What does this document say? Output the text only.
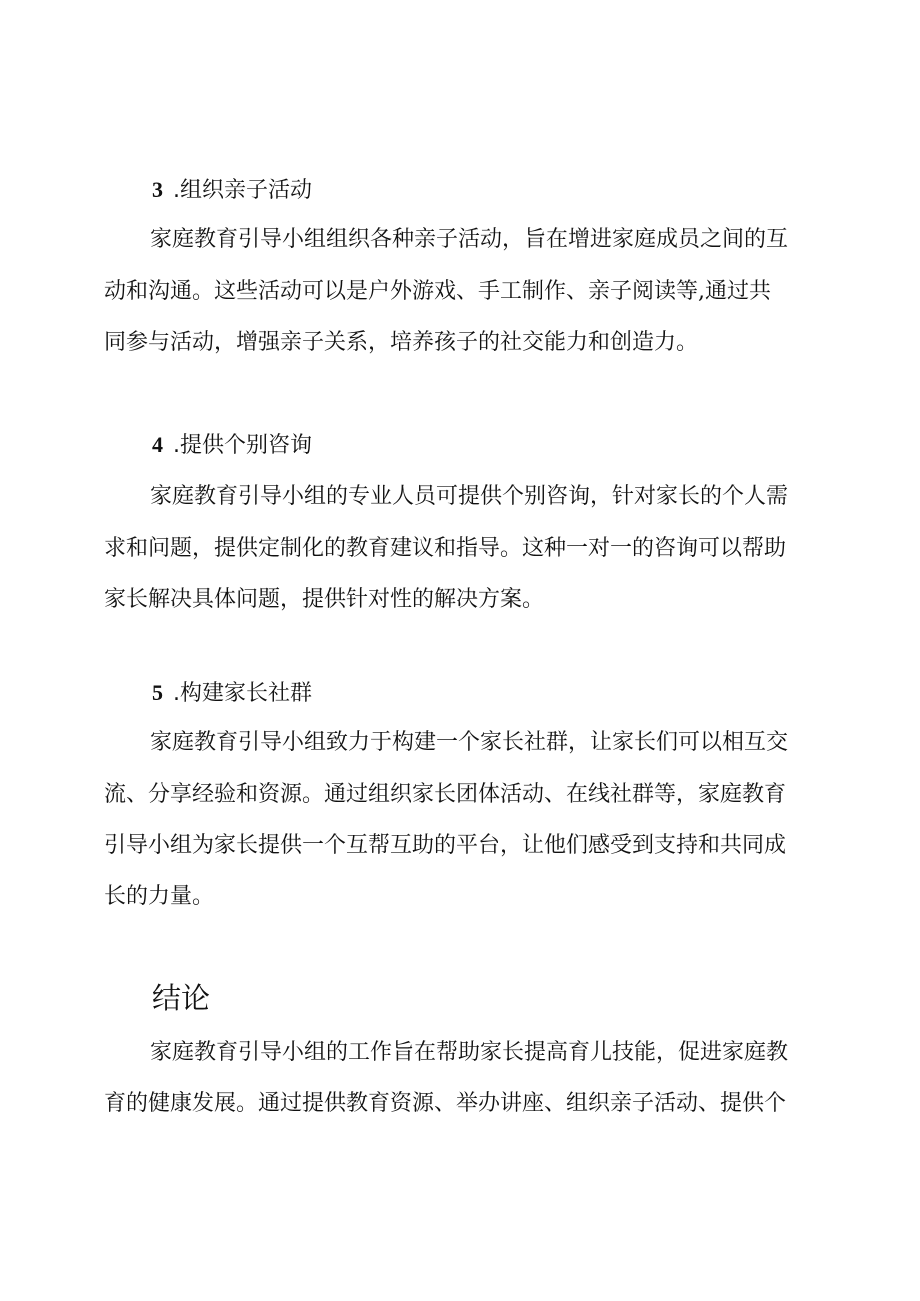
3 .组织亲子活动

家庭教育引导小组组织各种亲子活动，旨在增进家庭成员之间的互

动和沟通。这些活动可以是户外游戏、手工制作、亲子阅读等,通过共

同参与活动，增强亲子关系，培养孩子的社交能力和创造力。

4 .提供个别咨询

家庭教育引导小组的专业人员可提供个别咨询，针对家长的个人需

求和问题，提供定制化的教育建议和指导。这种一对一的咨询可以帮助

家长解决具体问题，提供针对性的解决方案。

5 .构建家长社群

家庭教育引导小组致力于构建一个家长社群，让家长们可以相互交

流、分享经验和资源。通过组织家长团体活动、在线社群等，家庭教育

引导小组为家长提供一个互帮互助的平台，让他们感受到支持和共同成

长的力量。

结论

家庭教育引导小组的工作旨在帮助家长提高育儿技能，促进家庭教

育的健康发展。通过提供教育资源、举办讲座、组织亲子活动、提供个
